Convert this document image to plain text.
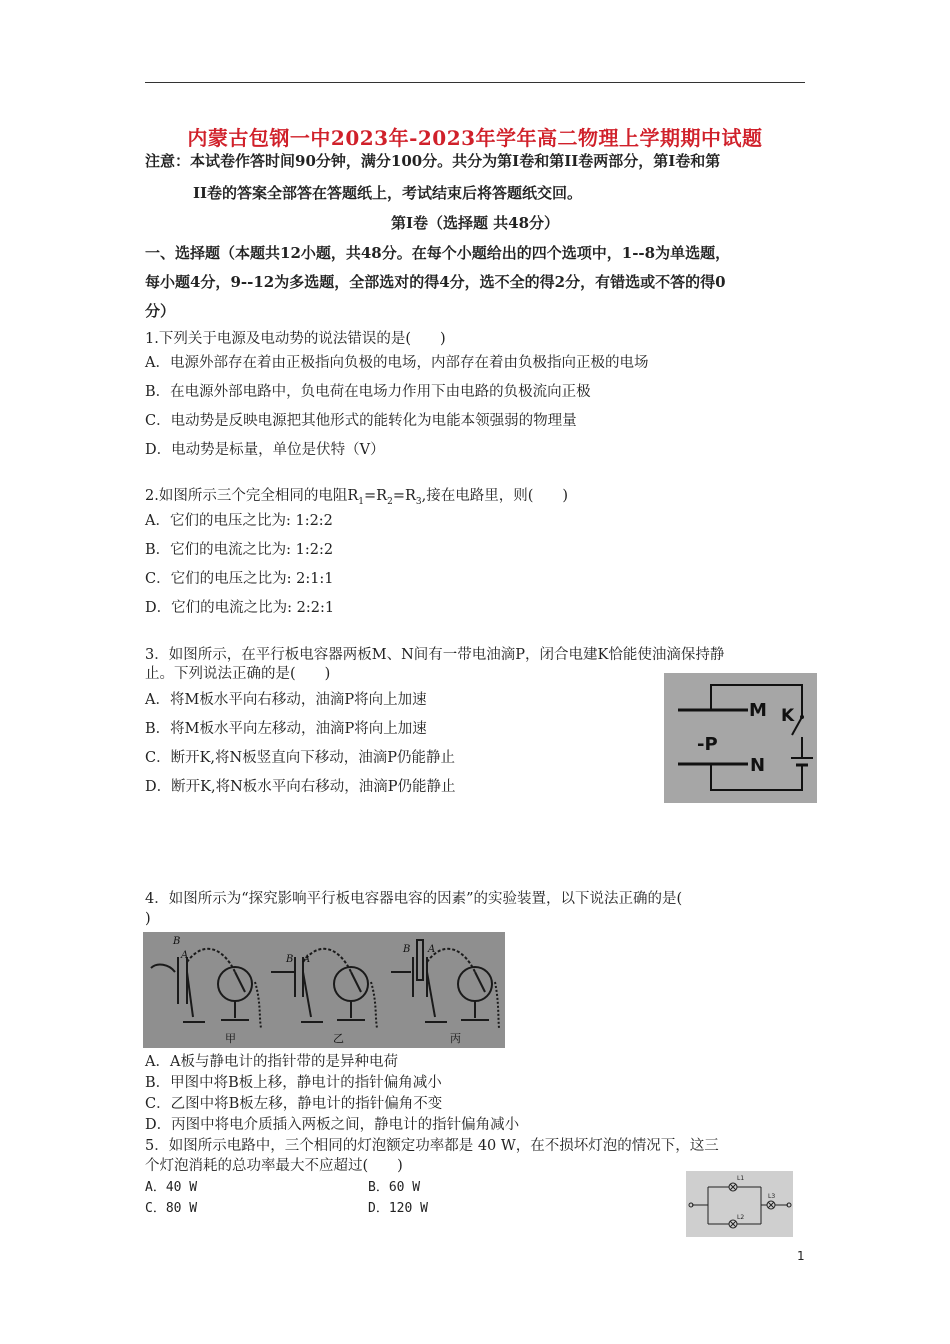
内蒙古包钢一中2023年-2023年学年高二物理上学期期中试题
注意：本试卷作答时间90分钟，满分100分。共分为第Ⅰ卷和第II卷两部分，第Ⅰ卷和第
II卷的答案全部答在答题纸上，考试结束后将答题纸交回。
第Ⅰ卷（选择题 共48分）
一、选择题（本题共12小题，共48分。在每个小题给出的四个选项中，1--8为单选题，
每小题4分，9--12为多选题，全部选对的得4分，选不全的得2分，有错选或不答的得0
分）
1.下列关于电源及电动势的说法错误的是(　　)
A．电源外部存在着由正极指向负极的电场，内部存在着由负极指向正极的电场
B．在电源外部电路中，负电荷在电场力作用下由电路的负极流向正极
C．电动势是反映电源把其他形式的能转化为电能本领强弱的物理量
D．电动势是标量，单位是伏特（V）
2.如图所示三个完全相同的电阻$R_1=R_2=R_3$,接在电路里，则(　　)
A．它们的电压之比为: 1:2:2
B．它们的电流之比为: 1:2:2
C．它们的电压之比为: 2:1:1
D．它们的电流之比为: 2:2:1
3．如图所示，在平行板电容器两板M、N间有一带电油滴P，闭合电建K恰能使油滴保持静
止。下列说法正确的是(　　)
A．将M板水平向右移动，油滴P将向上加速
B．将M板水平向左移动，油滴P将向上加速
C．断开K,将N板竖直向下移动，油滴P仍能静止
D．断开K,将N板水平向右移动，油滴P仍能静止
M
N
K
-P
4．如图所示为“探究影响平行板电容器电容的因素”的实验装置，以下说法正确的是(
)
B
A
甲
B A
乙
B A
丙
A．A板与静电计的指针带的是异种电荷
B．甲图中将B板上移，静电计的指针偏角减小
C．乙图中将B板左移，静电计的指针偏角不变
D．丙图中将电介质插入两板之间，静电计的指针偏角减小
5．如图所示电路中，三个相同的灯泡额定功率都是 40 W，在不损坏灯泡的情况下，这三
个灯泡消耗的总功率最大不应超过(　　)
A．40 W	B．60 W
C．80 W	D．120 W
L1
L2
L3
1
